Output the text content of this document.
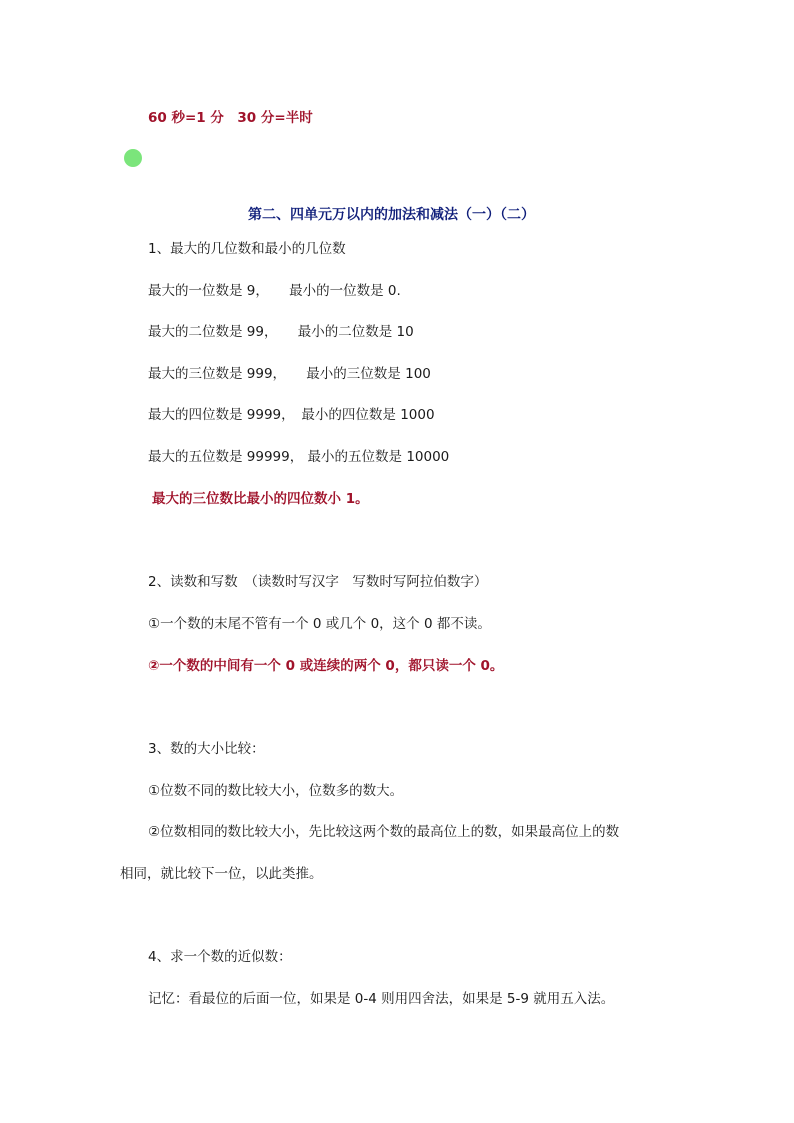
60 秒=1 分　30 分=半时
第二、四单元万以内的加法和减法（一）（二）
1、最大的几位数和最小的几位数
最大的一位数是 9，　　最小的一位数是 0.
最大的二位数是 99，　　最小的二位数是 10
最大的三位数是 999，　　最小的三位数是 100
最大的四位数是 9999，　最小的四位数是 1000
最大的五位数是 99999， 最小的五位数是 10000
最大的三位数比最小的四位数小 1。
2、读数和写数　（读数时写汉字　写数时写阿拉伯数字）
①一个数的末尾不管有一个 0 或几个 0，这个 0 都不读。
②一个数的中间有一个 0 或连续的两个 0，都只读一个 0。
3、数的大小比较：
①位数不同的数比较大小，位数多的数大。
②位数相同的数比较大小，先比较这两个数的最高位上的数，如果最高位上的数
相同，就比较下一位，以此类推。
4、求一个数的近似数：
记忆：看最位的后面一位，如果是 0-4 则用四舍法，如果是 5-9 就用五入法。
